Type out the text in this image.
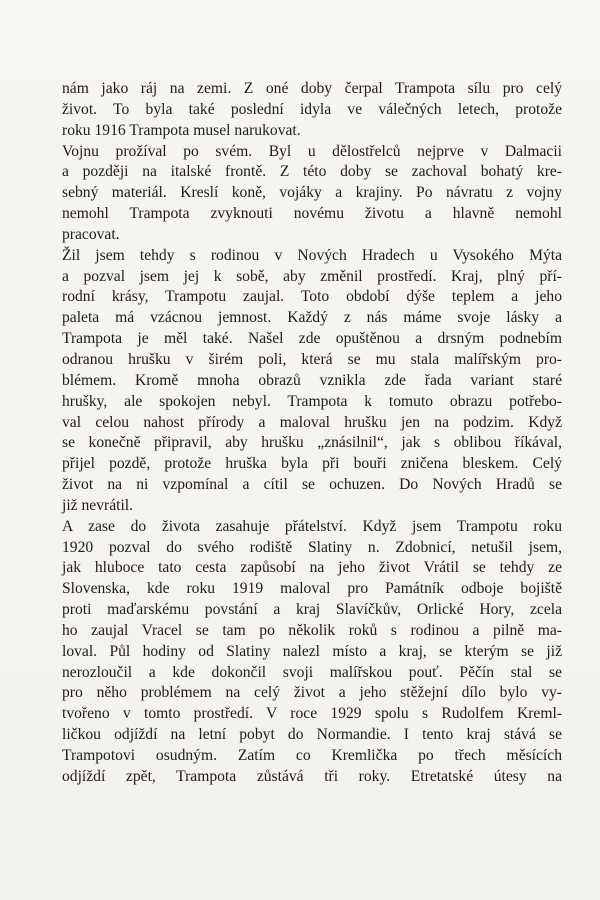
nám jako ráj na zemi. Z oné doby čerpal Trampota sílu pro celý
život. To byla také poslední idyla ve válečných letech, protože
roku 1916 Trampota musel narukovat.
Vojnu prožíval po svém. Byl u dělostřelců nejprve v Dalmacii
a později na italské frontě. Z této doby se zachoval bohatý kre-
sebný materiál. Kreslí koně, vojáky a krajiny. Po návratu z vojny
nemohl Trampota zvyknouti novému životu a hlavně nemohl
pracovat.
Žil jsem tehdy s rodinou v Nových Hradech u Vysokého Mýta
a pozval jsem jej k sobě, aby změnil prostředí. Kraj, plný pří-
rodní krásy, Trampotu zaujal. Toto období dýše teplem a jeho
paleta má vzácnou jemnost. Každý z nás máme svoje lásky a
Trampota je měl také. Našel zde opuštěnou a drsným podnebím
odranou hrušku v širém poli, která se mu stala malířským pro-
blémem. Kromě mnoha obrazů vznikla zde řada variant staré
hrušky, ale spokojen nebyl. Trampota k tomuto obrazu potřebo-
val celou nahost přírody a maloval hrušku jen na podzim. Když
se konečně připravil, aby hrušku „znásilnil“, jak s oblibou říkával,
přijel pozdě, protože hruška byla při bouři zničena bleskem. Celý
život na ni vzpomínal a cítil se ochuzen. Do Nových Hradů se
již nevrátil.
A zase do života zasahuje přátelství. Když jsem Trampotu roku
1920 pozval do svého rodiště Slatiny n. Zdobnicí, netušil jsem,
jak hluboce tato cesta zapůsobí na jeho život Vrátil se tehdy ze
Slovenska, kde roku 1919 maloval pro Památník odboje bojiště
proti maďarskému povstání a kraj Slavíčkův, Orlické Hory, zcela
ho zaujal Vracel se tam po několik roků s rodinou a pilně ma-
loval. Půl hodiny od Slatiny nalezl místo a kraj, se kterým se již
nerozloučil a kde dokončil svoji malířskou pouť. Pěčín stal se
pro něho problémem na celý život a jeho stěžejní dílo bylo vy-
tvořeno v tomto prostředí. V roce 1929 spolu s Rudolfem Kreml-
ličkou odjíždí na letní pobyt do Normandie. I tento kraj stává se
Trampotovi osudným. Zatím co Kremlička po třech měsících
odjíždí zpět, Trampota zůstává tři roky. Etretatské útesy na
